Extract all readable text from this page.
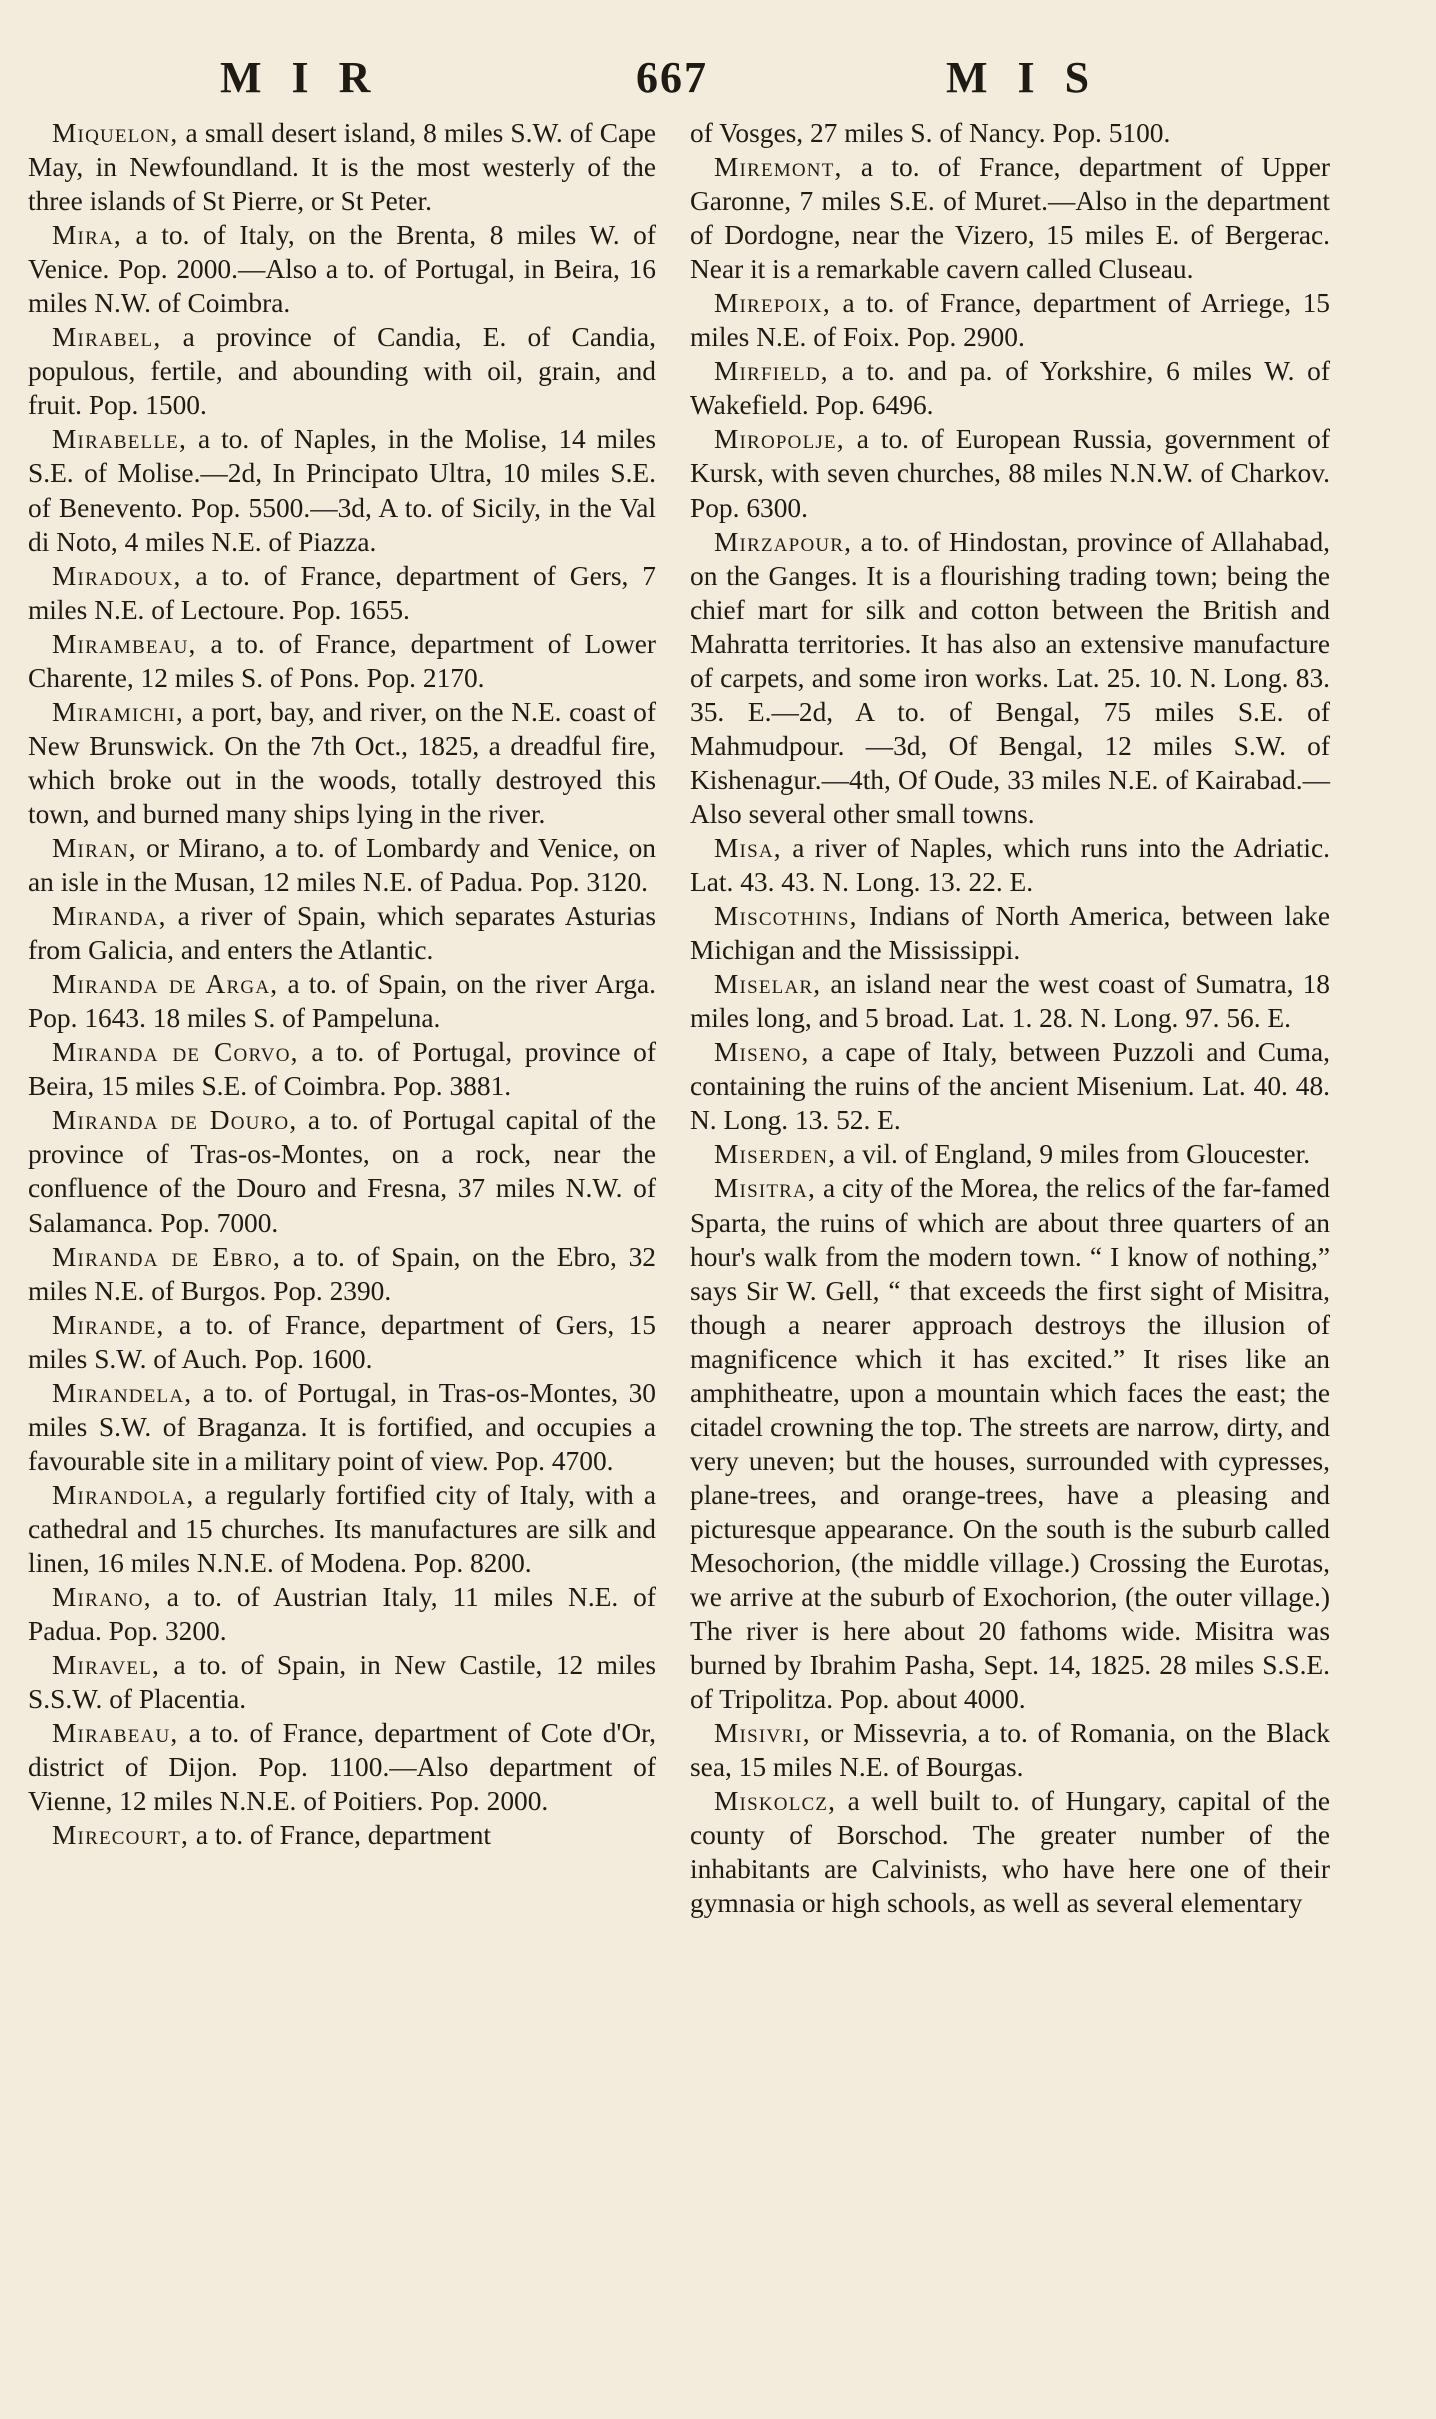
MIR	667	MIS

Miquelon, a small desert island, 8 miles S.W. of Cape May, in Newfoundland. It is the most westerly of the three islands of St Pierre, or St Peter.

Mira, a to. of Italy, on the Brenta, 8 miles W. of Venice. Pop. 2000.—Also a to. of Portugal, in Beira, 16 miles N.W. of Coimbra.

Mirabel, a province of Candia, E. of Candia, populous, fertile, and abounding with oil, grain, and fruit. Pop. 1500.

Mirabelle, a to. of Naples, in the Molise, 14 miles S.E. of Molise.—2d, In Principato Ultra, 10 miles S.E. of Benevento. Pop. 5500.—3d, A to. of Sicily, in the Val di Noto, 4 miles N.E. of Piazza.

Miradoux, a to. of France, department of Gers, 7 miles N.E. of Lectoure. Pop. 1655.

Mirambeau, a to. of France, department of Lower Charente, 12 miles S. of Pons. Pop. 2170.

Miramichi, a port, bay, and river, on the N.E. coast of New Brunswick. On the 7th Oct., 1825, a dreadful fire, which broke out in the woods, totally destroyed this town, and burned many ships lying in the river.

Miran, or Mirano, a to. of Lombardy and Venice, on an isle in the Musan, 12 miles N.E. of Padua. Pop. 3120.

Miranda, a river of Spain, which separates Asturias from Galicia, and enters the Atlantic.

Miranda de Arga, a to. of Spain, on the river Arga. Pop. 1643. 18 miles S. of Pampeluna.

Miranda de Corvo, a to. of Portugal, province of Beira, 15 miles S.E. of Coimbra. Pop. 3881.

Miranda de Douro, a to. of Portugal capital of the province of Tras-os-Montes, on a rock, near the confluence of the Douro and Fresna, 37 miles N.W. of Salamanca. Pop. 7000.

Miranda de Ebro, a to. of Spain, on the Ebro, 32 miles N.E. of Burgos. Pop. 2390.

Mirande, a to. of France, department of Gers, 15 miles S.W. of Auch. Pop. 1600.

Mirandela, a to. of Portugal, in Tras-os-Montes, 30 miles S.W. of Braganza. It is fortified, and occupies a favourable site in a military point of view. Pop. 4700.

Mirandola, a regularly fortified city of Italy, with a cathedral and 15 churches. Its manufactures are silk and linen, 16 miles N.N.E. of Modena. Pop. 8200.

Mirano, a to. of Austrian Italy, 11 miles N.E. of Padua. Pop. 3200.

Miravel, a to. of Spain, in New Castile, 12 miles S.S.W. of Placentia.

Mirabeau, a to. of France, department of Cote d'Or, district of Dijon. Pop. 1100.—Also department of Vienne, 12 miles N.N.E. of Poitiers. Pop. 2000.

Mirecourt, a to. of France, department

of Vosges, 27 miles S. of Nancy. Pop. 5100.

Miremont, a to. of France, department of Upper Garonne, 7 miles S.E. of Muret.—Also in the department of Dordogne, near the Vizero, 15 miles E. of Bergerac. Near it is a remarkable cavern called Cluseau.

Mirepoix, a to. of France, department of Arriege, 15 miles N.E. of Foix. Pop. 2900.

Mirfield, a to. and pa. of Yorkshire, 6 miles W. of Wakefield. Pop. 6496.

Miropolje, a to. of European Russia, government of Kursk, with seven churches, 88 miles N.N.W. of Charkov. Pop. 6300.

Mirzapour, a to. of Hindostan, province of Allahabad, on the Ganges. It is a flourishing trading town; being the chief mart for silk and cotton between the British and Mahratta territories. It has also an extensive manufacture of carpets, and some iron works. Lat. 25. 10. N. Long. 83. 35. E.—2d, A to. of Bengal, 75 miles S.E. of Mahmudpour. —3d, Of Bengal, 12 miles S.W. of Kishenagur.—4th, Of Oude, 33 miles N.E. of Kairabad.—Also several other small towns.

Misa, a river of Naples, which runs into the Adriatic. Lat. 43. 43. N. Long. 13. 22. E.

Miscothins, Indians of North America, between lake Michigan and the Mississippi.

Miselar, an island near the west coast of Sumatra, 18 miles long, and 5 broad. Lat. 1. 28. N. Long. 97. 56. E.

Miseno, a cape of Italy, between Puzzoli and Cuma, containing the ruins of the ancient Misenium. Lat. 40. 48. N. Long. 13. 52. E.

Miserden, a vil. of England, 9 miles from Gloucester.

Misitra, a city of the Morea, the relics of the far-famed Sparta, the ruins of which are about three quarters of an hour's walk from the modern town. “ I know of nothing,” says Sir W. Gell, “ that exceeds the first sight of Misitra, though a nearer approach destroys the illusion of magnificence which it has excited.” It rises like an amphitheatre, upon a mountain which faces the east; the citadel crowning the top. The streets are narrow, dirty, and very uneven; but the houses, surrounded with cypresses, plane-trees, and orange-trees, have a pleasing and picturesque appearance. On the south is the suburb called Mesochorion, (the middle village.) Crossing the Eurotas, we arrive at the suburb of Exochorion, (the outer village.) The river is here about 20 fathoms wide. Misitra was burned by Ibrahim Pasha, Sept. 14, 1825. 28 miles S.S.E. of Tripolitza. Pop. about 4000.

Misivri, or Missevria, a to. of Romania, on the Black sea, 15 miles N.E. of Bourgas.

Miskolcz, a well built to. of Hungary, capital of the county of Borschod. The greater number of the inhabitants are Calvinists, who have here one of their gymnasia or high schools, as well as several elementary
